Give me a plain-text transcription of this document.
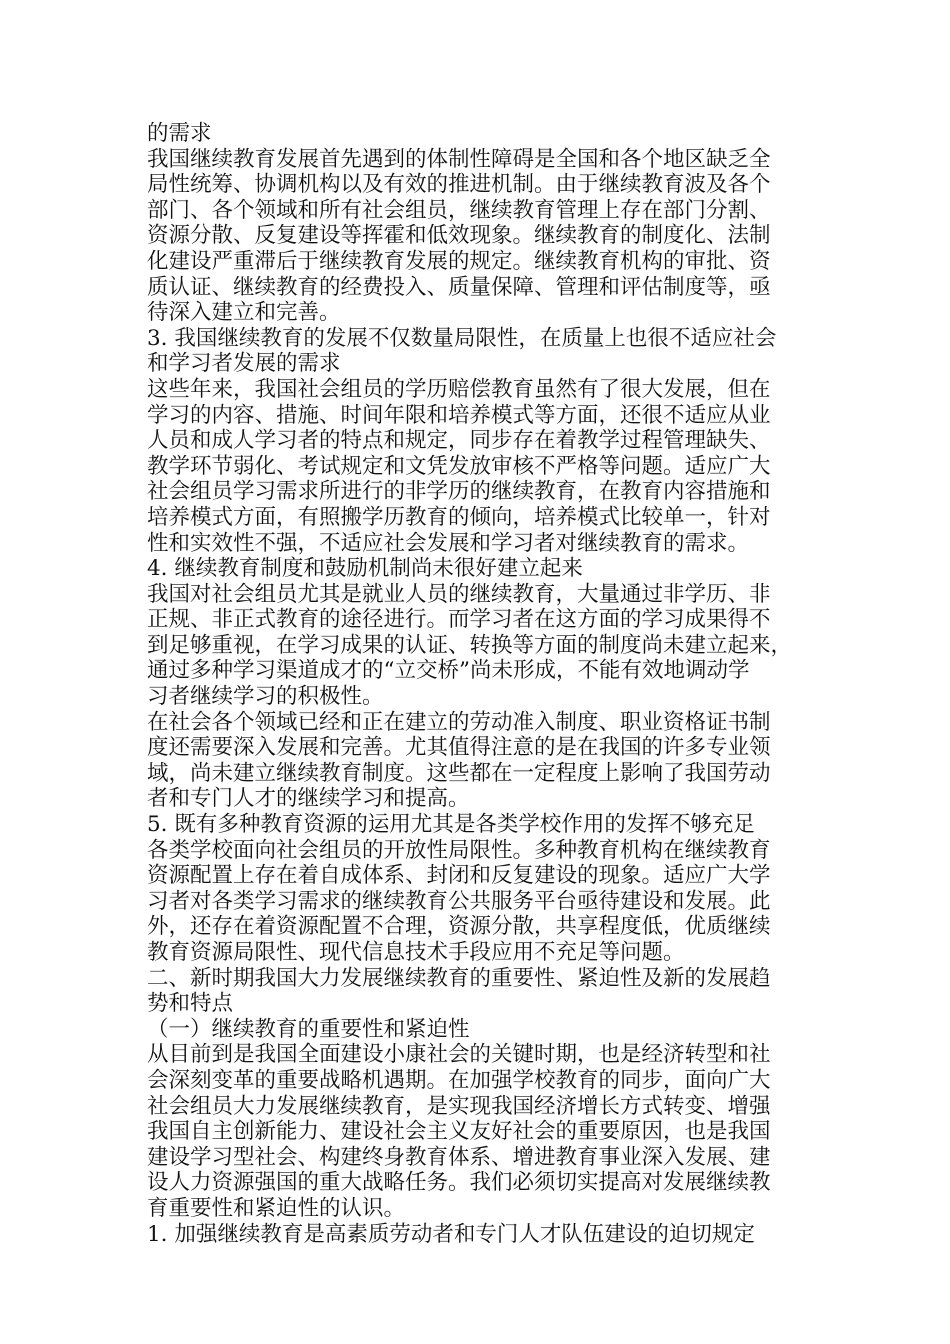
的需求
我国继续教育发展首先遇到的体制性障碍是全国和各个地区缺乏全
局性统筹、协调机构以及有效的推进机制。由于继续教育波及各个
部门、各个领域和所有社会组员，继续教育管理上存在部门分割、
资源分散、反复建设等挥霍和低效现象。继续教育的制度化、法制
化建设严重滞后于继续教育发展的规定。继续教育机构的审批、资
质认证、继续教育的经费投入、质量保障、管理和评估制度等，亟
待深入建立和完善。
3. 我国继续教育的发展不仅数量局限性，在质量上也很不适应社会
和学习者发展的需求
这些年来，我国社会组员的学历赔偿教育虽然有了很大发展，但在
学习的内容、措施、时间年限和培养模式等方面，还很不适应从业
人员和成人学习者的特点和规定，同步存在着教学过程管理缺失、
教学环节弱化、考试规定和文凭发放审核不严格等问题。适应广大
社会组员学习需求所进行的非学历的继续教育，在教育内容措施和
培养模式方面，有照搬学历教育的倾向，培养模式比较单一，针对
性和实效性不强，不适应社会发展和学习者对继续教育的需求。
4. 继续教育制度和鼓励机制尚未很好建立起来
我国对社会组员尤其是就业人员的继续教育，大量通过非学历、非
正规、非正式教育的途径进行。而学习者在这方面的学习成果得不
到足够重视，在学习成果的认证、转换等方面的制度尚未建立起来，
通过多种学习渠道成才的“立交桥”尚未形成，不能有效地调动学
习者继续学习的积极性。
在社会各个领域已经和正在建立的劳动准入制度、职业资格证书制
度还需要深入发展和完善。尤其值得注意的是在我国的许多专业领
域，尚未建立继续教育制度。这些都在一定程度上影响了我国劳动
者和专门人才的继续学习和提高。
5. 既有多种教育资源的运用尤其是各类学校作用的发挥不够充足
各类学校面向社会组员的开放性局限性。多种教育机构在继续教育
资源配置上存在着自成体系、封闭和反复建设的现象。适应广大学
习者对各类学习需求的继续教育公共服务平台亟待建设和发展。此
外，还存在着资源配置不合理，资源分散，共享程度低，优质继续
教育资源局限性、现代信息技术手段应用不充足等问题。
二、新时期我国大力发展继续教育的重要性、紧迫性及新的发展趋
势和特点
（一）继续教育的重要性和紧迫性
从目前到是我国全面建设小康社会的关键时期，也是经济转型和社
会深刻变革的重要战略机遇期。在加强学校教育的同步，面向广大
社会组员大力发展继续教育，是实现我国经济增长方式转变、增强
我国自主创新能力、建设社会主义友好社会的重要原因，也是我国
建设学习型社会、构建终身教育体系、增进教育事业深入发展、建
设人力资源强国的重大战略任务。我们必须切实提高对发展继续教
育重要性和紧迫性的认识。
1. 加强继续教育是高素质劳动者和专门人才队伍建设的迫切规定
